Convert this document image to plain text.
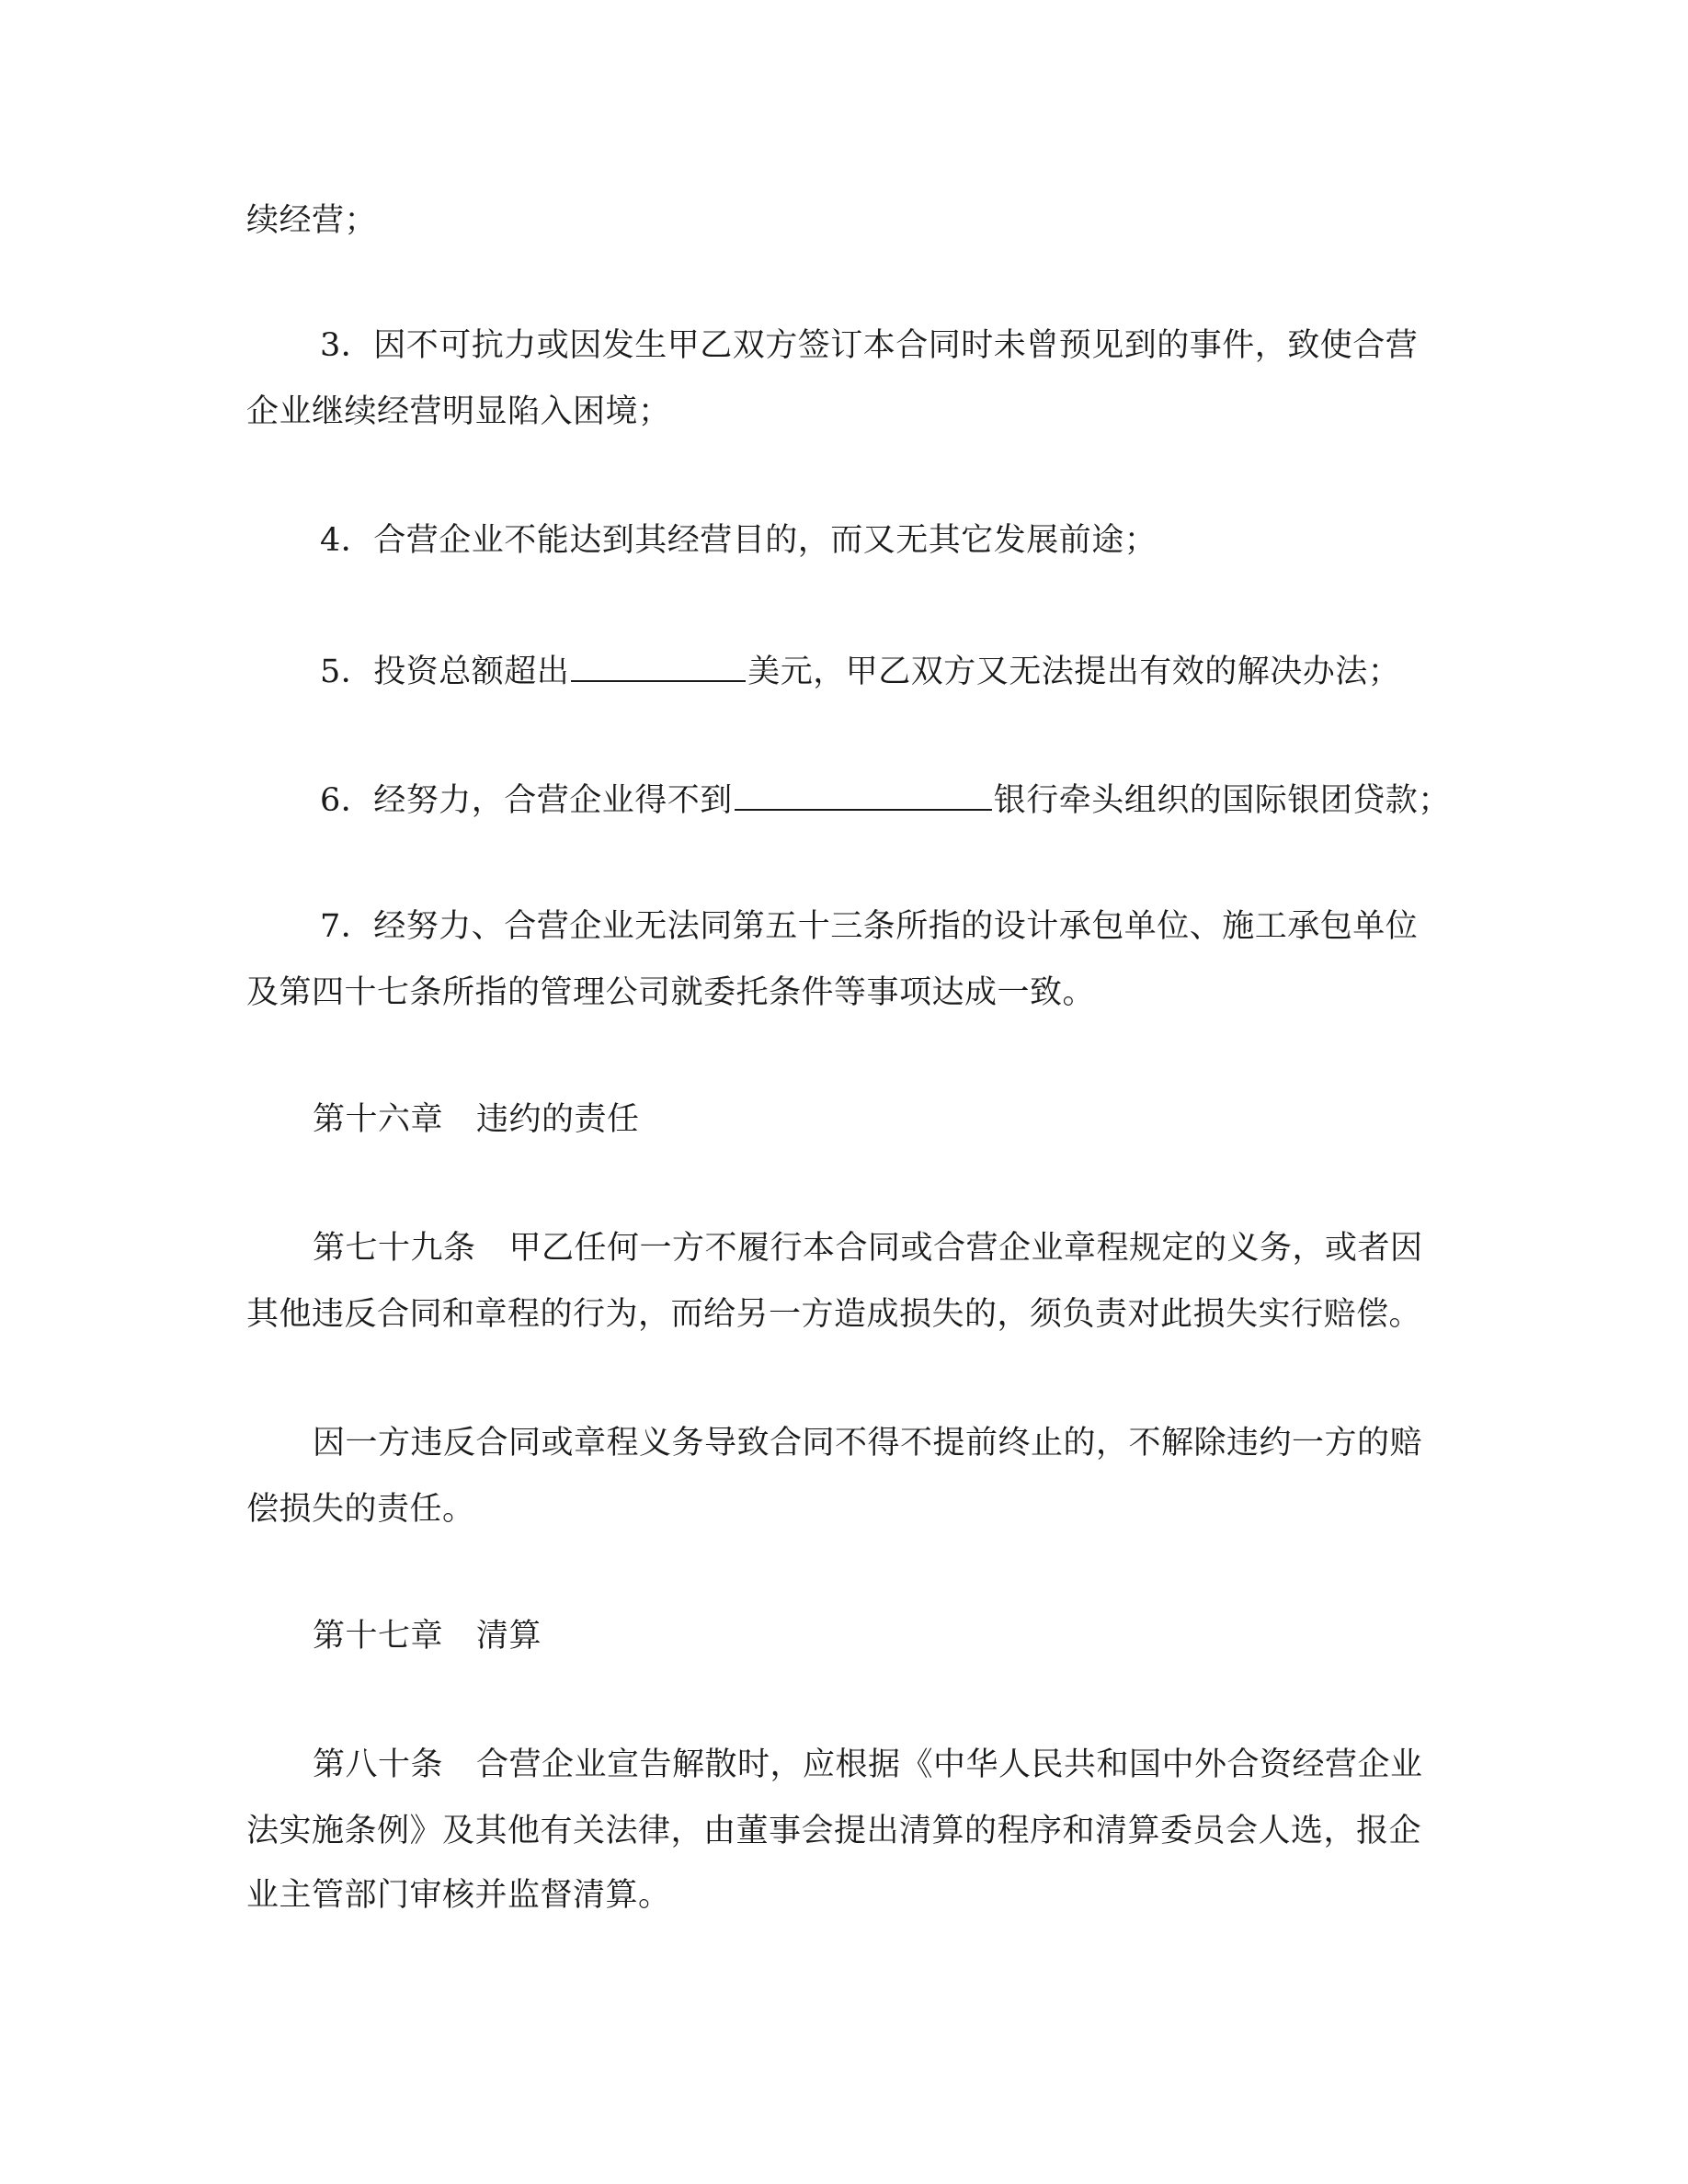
续经营；
3．因不可抗力或因发生甲乙双方签订本合同时未曾预见到的事件，致使合营
企业继续经营明显陷入困境；
4．合营企业不能达到其经营目的，而又无其它发展前途；
5．投资总额超出	美元，甲乙双方又无法提出有效的解决办法；
6．经努力，合营企业得不到	银行牵头组织的国际银团贷款；
7．经努力、合营企业无法同第五十三条所指的设计承包单位、施工承包单位
及第四十七条所指的管理公司就委托条件等事项达成一致。
第十六章 违约的责任
第七十九条 甲乙任何一方不履行本合同或合营企业章程规定的义务，或者因
其他违反合同和章程的行为，而给另一方造成损失的，须负责对此损失实行赔偿。
因一方违反合同或章程义务导致合同不得不提前终止的，不解除违约一方的赔
偿损失的责任。
第十七章 清算
第八十条 合营企业宣告解散时，应根据《中华人民共和国中外合资经营企业
法实施条例》及其他有关法律，由董事会提出清算的程序和清算委员会人选，报企
业主管部门审核并监督清算。
